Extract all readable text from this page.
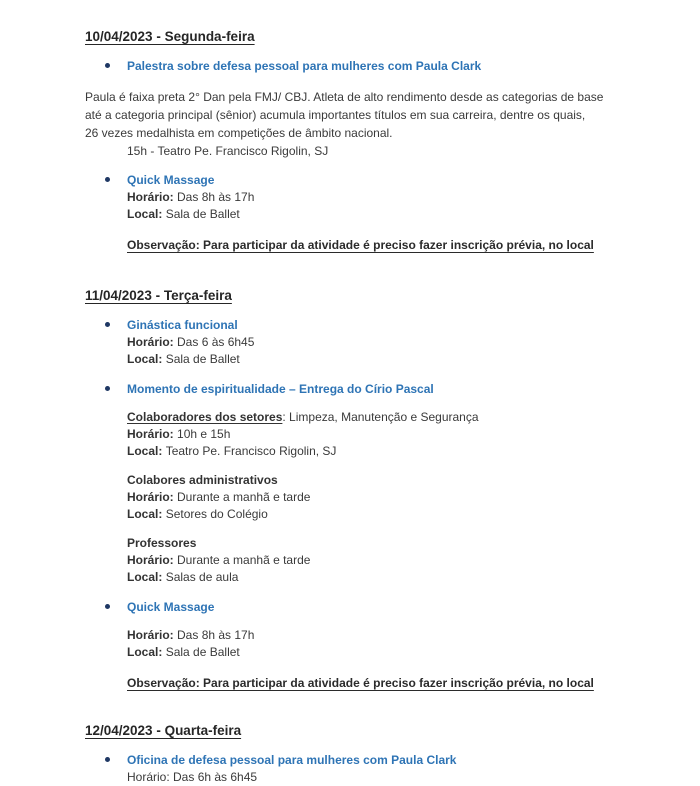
10/04/2023 - Segunda-feira
Palestra sobre defesa pessoal para mulheres com Paula Clark

Paula é faixa preta 2° Dan pela FMJ/ CBJ. Atleta de alto rendimento desde as categorias de base
até a categoria principal (sênior) acumula importantes títulos em sua carreira, dentre os quais,
26 vezes medalhista em competições de âmbito nacional.

15h - Teatro Pe. Francisco Rigolin, SJ
Quick Massage
Horário: Das 8h às 17h
Local: Sala de Ballet
Observação: Para participar da atividade é preciso fazer inscrição prévia, no local
11/04/2023 - Terça-feira
Ginástica funcional
Horário: Das 6 às 6h45
Local: Sala de Ballet
Momento de espiritualidade – Entrega do Círio Pascal
Colaboradores dos setores: Limpeza, Manutenção e Segurança
Horário: 10h e 15h
Local: Teatro Pe. Francisco Rigolin, SJ
Colabores administrativos
Horário: Durante a manhã e tarde
Local: Setores do Colégio
Professores
Horário: Durante a manhã e tarde
Local: Salas de aula
Quick Massage
Horário: Das 8h às 17h
Local: Sala de Ballet
Observação: Para participar da atividade é preciso fazer inscrição prévia, no local
12/04/2023 - Quarta-feira
Oficina de defesa pessoal para mulheres com Paula Clark
Horário: Das 6h às 6h45
